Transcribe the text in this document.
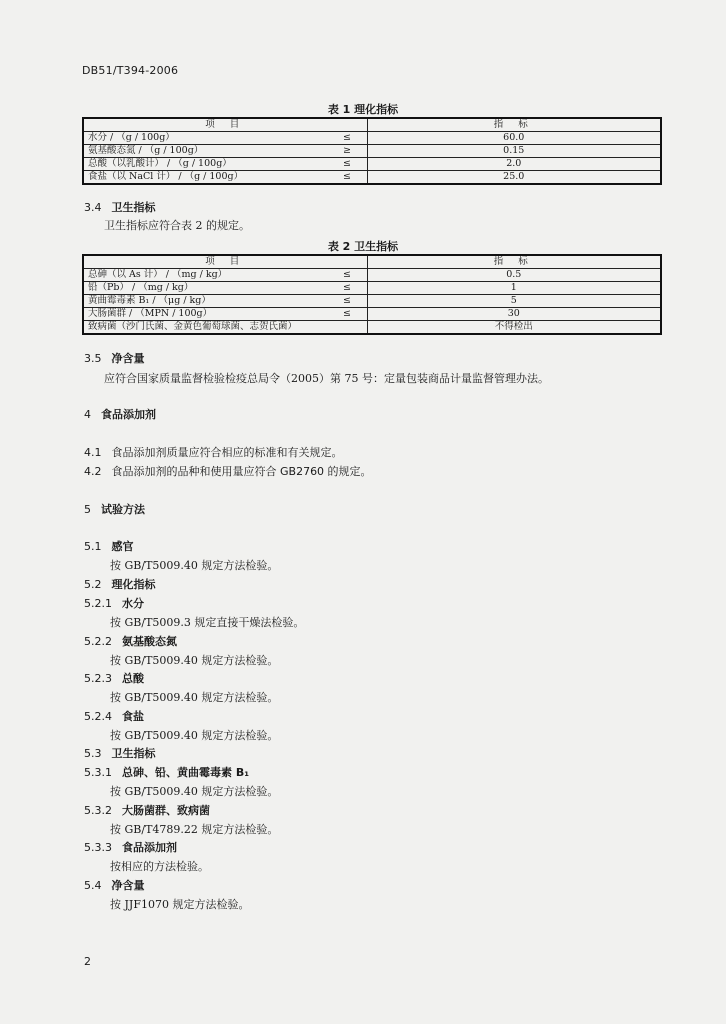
DB51/T394-2006
表 1 理化指标
项 目		指 标
水分 / （g / 100g）	≤	60.0
氨基酸态氮 / （g / 100g）	≥	0.15
总酸（以乳酸计） / （g / 100g）	≤	2.0
食盐（以 NaCl 计） / （g / 100g）	≤	25.0
3.4 卫生指标
卫生指标应符合表 2 的规定。
表 2 卫生指标
项 目		指 标
总砷（以 As 计） / （mg / kg）	≤	0.5
铅（Pb） / （mg / kg）	≤	1
黄曲霉毒素 B₁ / （μg / kg）	≤	5
大肠菌群 / （MPN / 100g）	≤	30
致病菌（沙门氏菌、金黄色葡萄球菌、志贺氏菌）		不得检出
3.5 净含量
应符合国家质量监督检验检疫总局令（2005）第 75 号：定量包装商品计量监督管理办法。
4 食品添加剂
4.1 食品添加剂质量应符合相应的标准和有关规定。
4.2 食品添加剂的品种和使用量应符合 GB2760 的规定。
5 试验方法
5.1 感官
按 GB/T5009.40 规定方法检验。
5.2 理化指标
5.2.1 水分
按 GB/T5009.3 规定直接干燥法检验。
5.2.2 氨基酸态氮
按 GB/T5009.40 规定方法检验。
5.2.3 总酸
按 GB/T5009.40 规定方法检验。
5.2.4 食盐
按 GB/T5009.40 规定方法检验。
5.3 卫生指标
5.3.1 总砷、铅、黄曲霉毒素 B₁
按 GB/T5009.40 规定方法检验。
5.3.2 大肠菌群、致病菌
按 GB/T4789.22 规定方法检验。
5.3.3 食品添加剂
按相应的方法检验。
5.4 净含量
按 JJF1070 规定方法检验。
2
